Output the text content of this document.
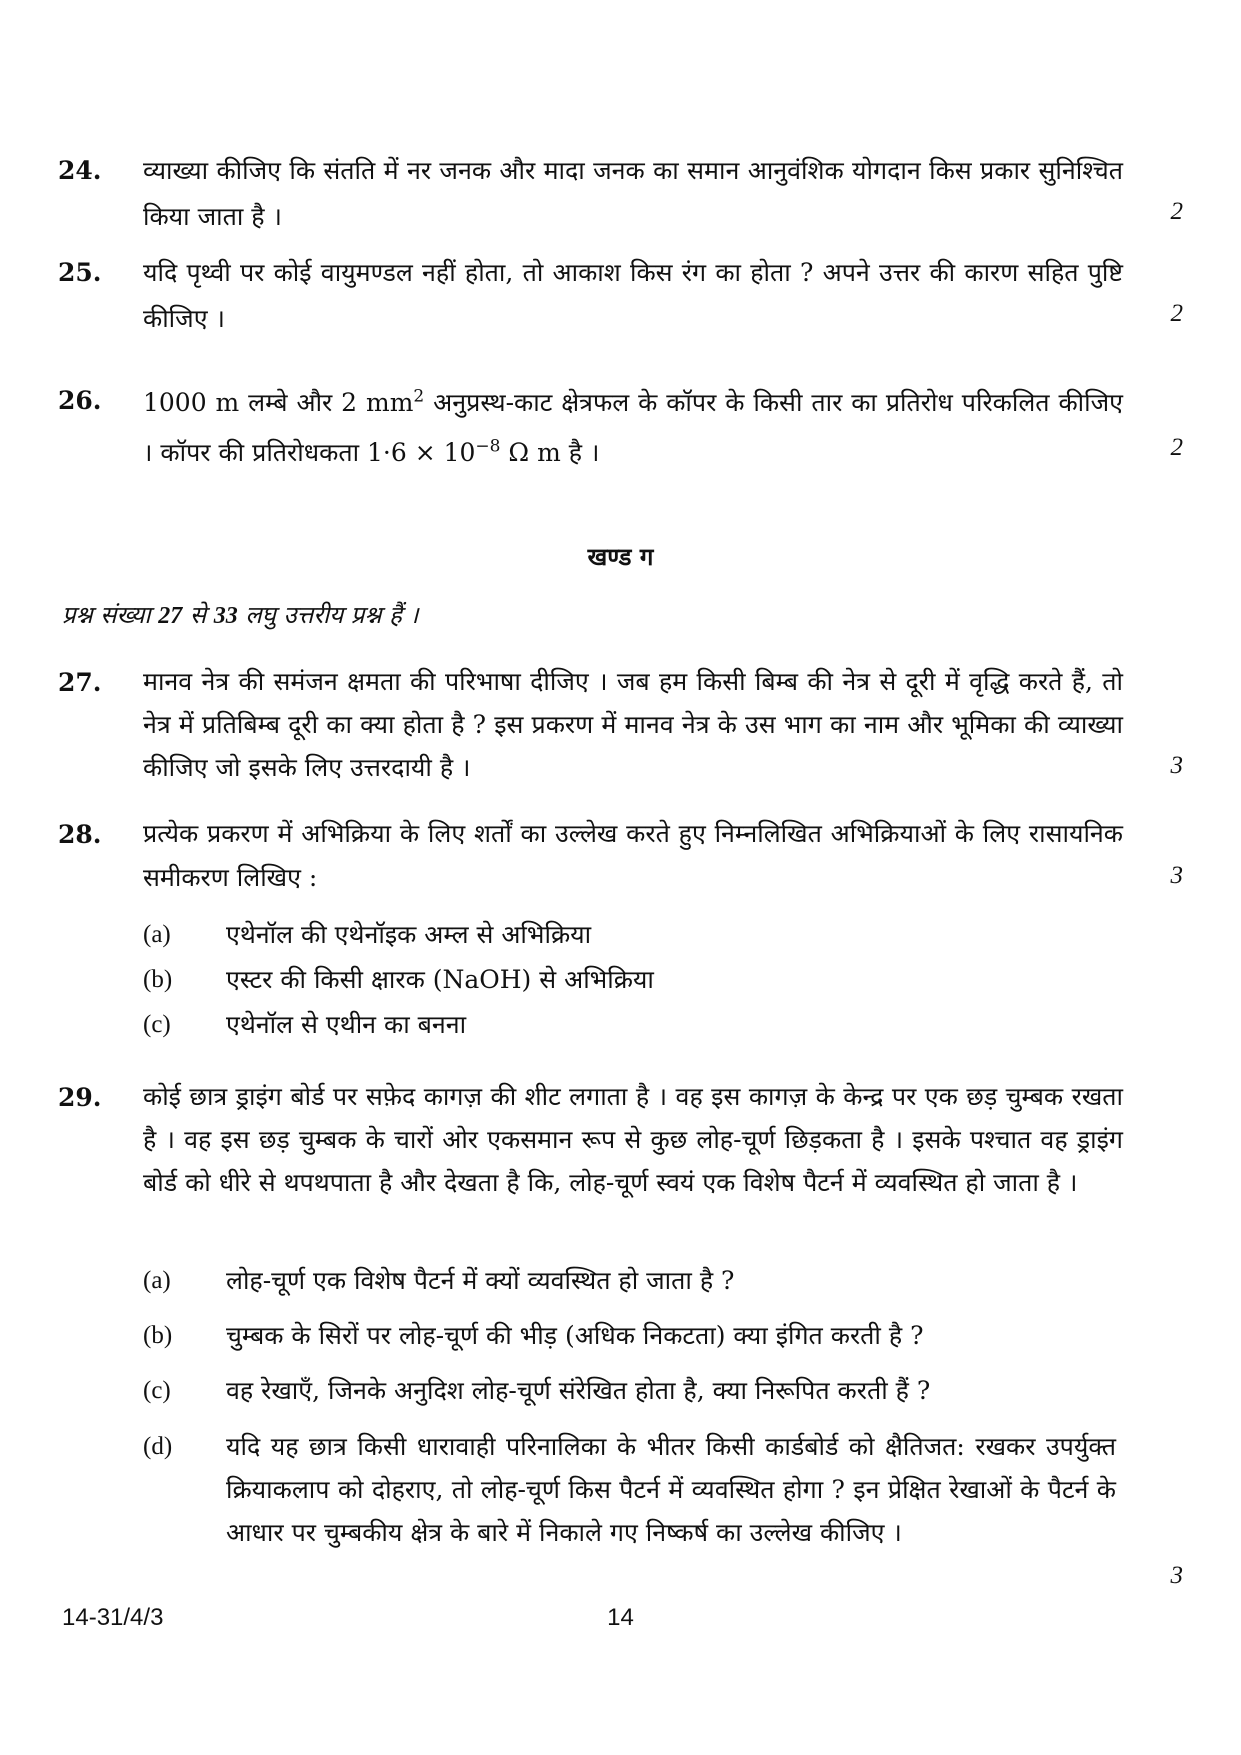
24. व्याख्या कीजिए कि संतति में नर जनक और मादा जनक का समान आनुवंशिक योगदान किस प्रकार सुनिश्चित किया जाता है ।	2
25. यदि पृथ्वी पर कोई वायुमण्डल नहीं होता, तो आकाश किस रंग का होता ? अपने उत्तर की कारण सहित पुष्टि कीजिए ।	2
26. 1000 m लम्बे और 2 $mm^2$ अनुप्रस्थ-काट क्षेत्रफल के कॉपर के किसी तार का प्रतिरोध परिकलित कीजिए । कॉपर की प्रतिरोधकता $1\cdot 6 \times 10^{-8}$ Ω m है ।	2
खण्ड ग
प्रश्न संख्या 27 से 33 लघु उत्तरीय प्रश्न हैं ।
27. मानव नेत्र की समंजन क्षमता की परिभाषा दीजिए । जब हम किसी बिम्ब की नेत्र से दूरी में वृद्धि करते हैं, तो नेत्र में प्रतिबिम्ब दूरी का क्या होता है ? इस प्रकरण में मानव नेत्र के उस भाग का नाम और भूमिका की व्याख्या कीजिए जो इसके लिए उत्तरदायी है ।	3
28. प्रत्येक प्रकरण में अभिक्रिया के लिए शर्तों का उल्लेख करते हुए निम्नलिखित अभिक्रियाओं के लिए रासायनिक समीकरण लिखिए :	3
(a) एथेनॉल की एथेनॉइक अम्ल से अभिक्रिया
(b) एस्टर की किसी क्षारक (NaOH) से अभिक्रिया
(c) एथेनॉल से एथीन का बनना
29. कोई छात्र ड्राइंग बोर्ड पर सफ़ेद कागज़ की शीट लगाता है । वह इस कागज़ के केन्द्र पर एक छड़ चुम्बक रखता है । वह इस छड़ चुम्बक के चारों ओर एकसमान रूप से कुछ लोह-चूर्ण छिड़कता है । इसके पश्चात वह ड्राइंग बोर्ड को धीरे से थपथपाता है और देखता है कि, लोह-चूर्ण स्वयं एक विशेष पैटर्न में व्यवस्थित हो जाता है ।
(a) लोह-चूर्ण एक विशेष पैटर्न में क्यों व्यवस्थित हो जाता है ?
(b) चुम्बक के सिरों पर लोह-चूर्ण की भीड़ (अधिक निकटता) क्या इंगित करती है ?
(c) वह रेखाएँ, जिनके अनुदिश लोह-चूर्ण संरेखित होता है, क्या निरूपित करती हैं ?
(d) यदि यह छात्र किसी धारावाही परिनालिका के भीतर किसी कार्डबोर्ड को क्षैतिजत: रखकर उपर्युक्त क्रियाकलाप को दोहराए, तो लोह-चूर्ण किस पैटर्न में व्यवस्थित होगा ? इन प्रेक्षित रेखाओं के पैटर्न के आधार पर चुम्बकीय क्षेत्र के बारे में निकाले गए निष्कर्ष का उल्लेख कीजिए ।
3
14-31/4/3	14
